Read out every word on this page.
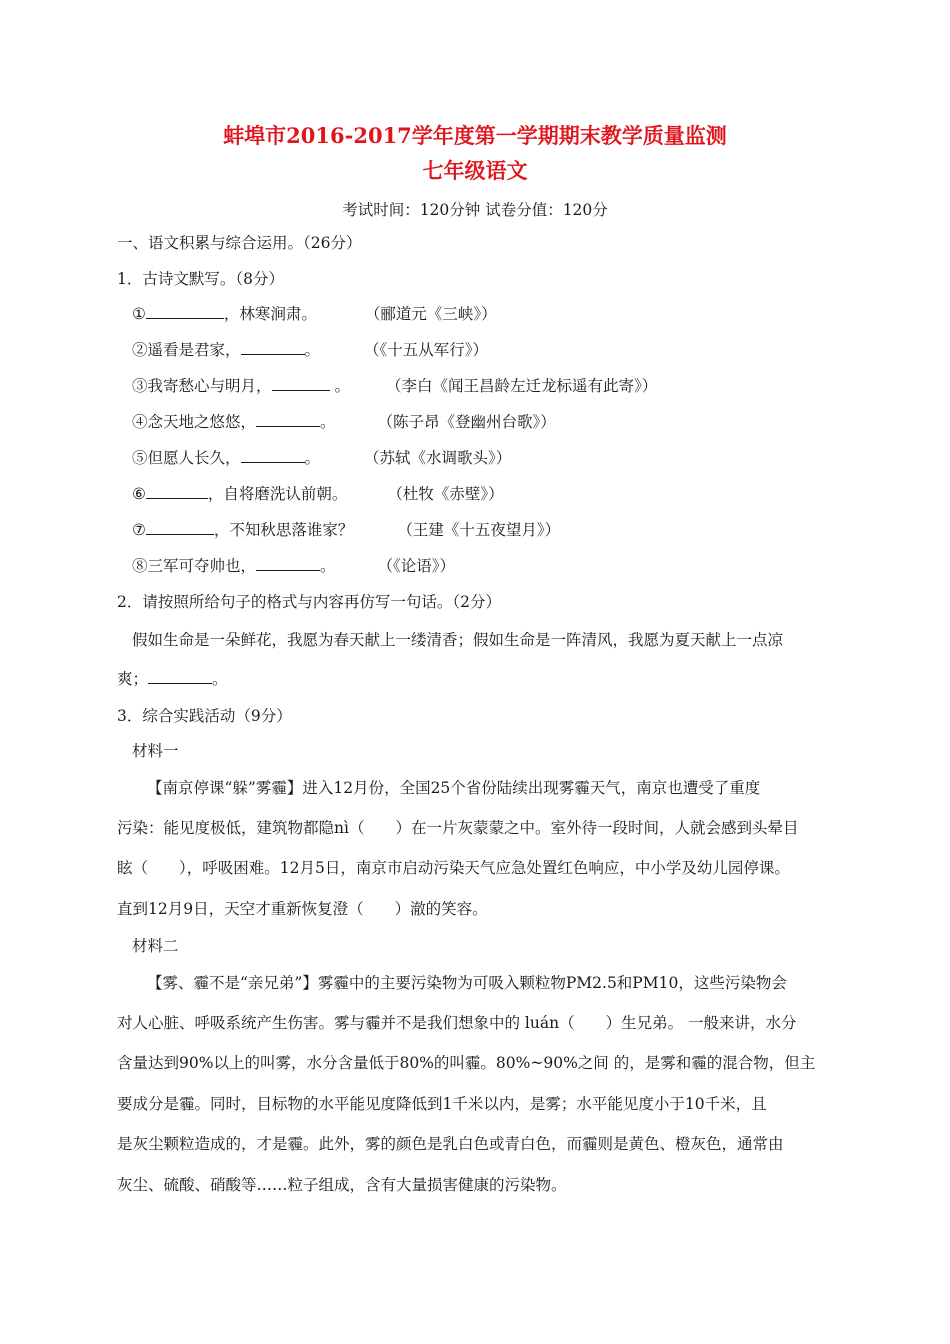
蚌埠市2016-2017学年度第一学期期末教学质量监测
七年级语文
考试时间：120分钟 试卷分值：120分
一、语文积累与综合运用。（26分）
1．古诗文默写。（8分）
①	，林寒涧肃。	（郦道元《三峡》）
②遥看是君家，	。	（《十五从军行》）
③我寄愁心与明月，	。 （李白《闻王昌龄左迁龙标遥有此寄》）
④念天地之悠悠，	。	（陈子昂《登幽州台歌》）
⑤但愿人长久，	。	（苏轼《水调歌头》）
⑥	，自将磨洗认前朝。	（杜牧《赤壁》）
⑦	，不知秋思落谁家？	（王建《十五夜望月》）
⑧三军可夺帅也，	。	（《论语》）
2．请按照所给句子的格式与内容再仿写一句话。（2分）
假如生命是一朵鲜花，我愿为春天献上一缕清香；假如生命是一阵清风，我愿为夏天献上一点凉
爽；	。
3．综合实践活动（9分）
材料一
【南京停课“躲”雾霾】进入12月份，全国25个省份陆续出现雾霾天气，南京也遭受了重度
污染：能见度极低，建筑物都隐nì（　　）在一片灰蒙蒙之中。室外待一段时间，人就会感到头晕目
眩（　　），呼吸困难。12月5日，南京市启动污染天气应急处置红色响应，中小学及幼儿园停课。
直到12月9日，天空才重新恢复澄（　　）澈的笑容。
材料二
【雾、霾不是“亲兄弟”】雾霾中的主要污染物为可吸入颗粒物PM2.5和PM10，这些污染物会
对人心脏、呼吸系统产生伤害。雾与霾并不是我们想象中的 luán（　　）生兄弟。 一般来讲，水分
含量达到90%以上的叫雾，水分含量低于80%的叫霾。80%~90%之间 的，是雾和霾的混合物，但主
要成分是霾。同时，目标物的水平能见度降低到1千米以内，是雾；水平能见度小于10千米，且
是灰尘颗粒造成的，才是霾。此外，雾的颜色是乳白色或青白色，而霾则是黄色、橙灰色，通常由
灰尘、硫酸、硝酸等……粒子组成，含有大量损害健康的污染物。
